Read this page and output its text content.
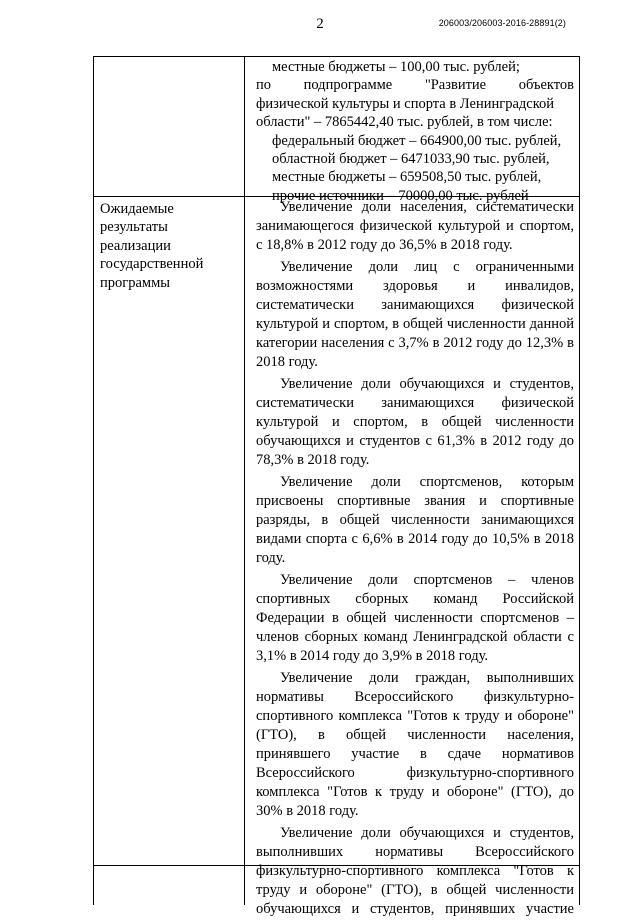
2	206003/206003-2016-28891(2)
местные бюджеты – 100,00 тыс. рублей;
по подпрограмме "Развитие объектов
физической культуры и спорта в Ленинградской
области" – 7865442,40 тыс. рублей, в том числе:
федеральный бюджет – 664900,00 тыс. рублей,
областной бюджет – 6471033,90 тыс. рублей,
местные бюджеты – 659508,50 тыс. рублей,
прочие источники – 70000,00 тыс. рублей
Ожидаемые результаты реализации государственной программы

Увеличение доли населения, систематически занимающегося физической культурой и спортом, с 18,8% в 2012 году до 36,5% в 2018 году.

Увеличение доли лиц с ограниченными возможностями здоровья и инвалидов, систематически занимающихся физической культурой и спортом, в общей численности данной категории населения с 3,7% в 2012 году до 12,3% в 2018 году.

Увеличение доли обучающихся и студентов, систематически занимающихся физической культурой и спортом, в общей численности обучающихся и студентов с 61,3% в 2012 году до 78,3% в 2018 году.

Увеличение доли спортсменов, которым присвоены спортивные звания и спортивные разряды, в общей численности занимающихся видами спорта с 6,6% в 2014 году до 10,5% в 2018 году.

Увеличение доли спортсменов – членов спортивных сборных команд Российской Федерации в общей численности спортсменов – членов сборных команд Ленинградской области с 3,1% в 2014 году до 3,9% в 2018 году.

Увеличение доли граждан, выполнивших нормативы Всероссийского физкультурно-спортивного комплекса "Готов к труду и обороне" (ГТО), в общей численности населения, принявшего участие в сдаче нормативов Всероссийского физкультурно-спортивного комплекса "Готов к труду и обороне" (ГТО), до 30% в 2018 году.

Увеличение доли обучающихся и студентов, выполнивших нормативы Всероссийского физкультурно-спортивного комплекса "Готов к труду и обороне" (ГТО), в общей численности обучающихся и студентов, принявших участие
